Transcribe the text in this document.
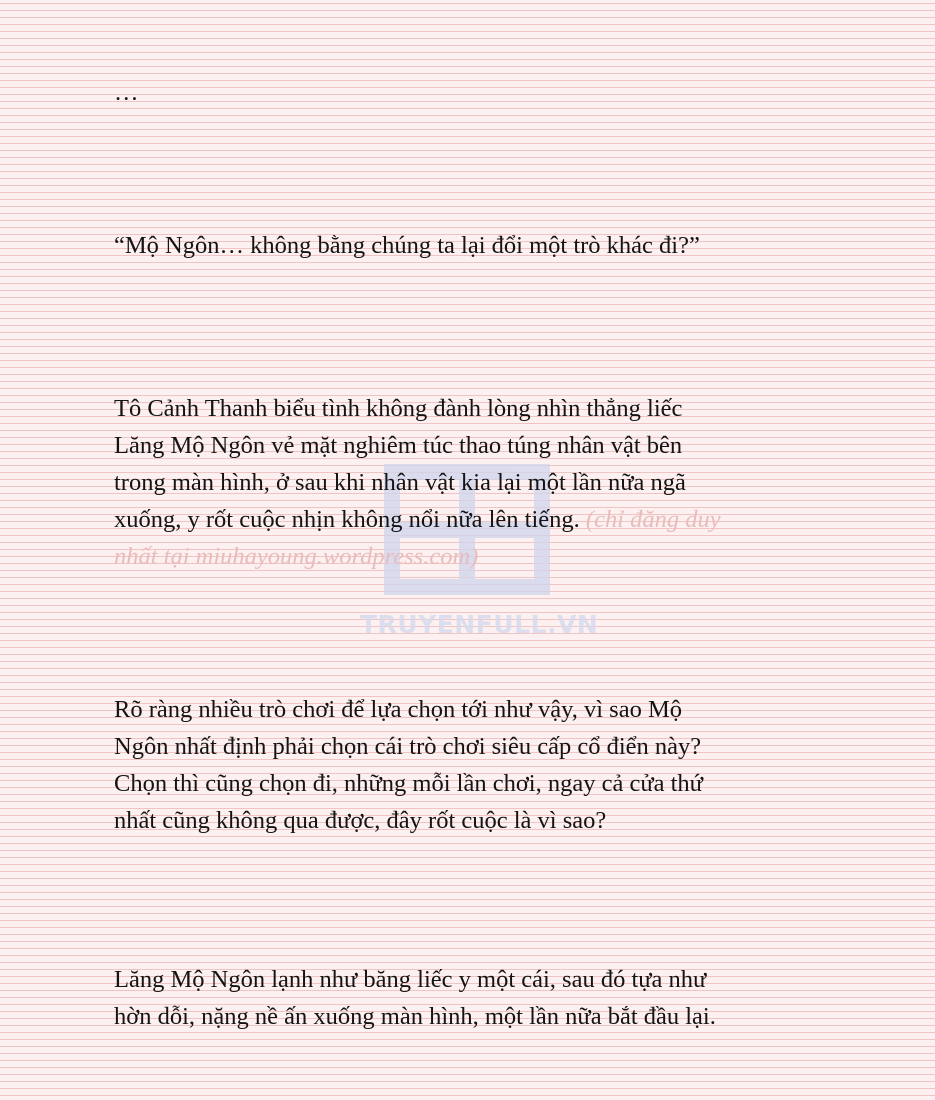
…

“Mộ Ngôn… không bằng chúng ta lại đổi một trò khác đi?”

TRUYENFULL.VN

Tô Cảnh Thanh biểu tình không đành lòng nhìn thẳng liếc
Lăng Mộ Ngôn vẻ mặt nghiêm túc thao túng nhân vật bên
trong màn hình, ở sau khi nhân vật kia lại một lần nữa ngã
xuống, y rốt cuộc nhịn không nổi nữa lên tiếng. (chỉ đăng duy
nhất tại miuhayoung.wordpress.com)

Rõ ràng nhiều trò chơi để lựa chọn tới như vậy, vì sao Mộ
Ngôn nhất định phải chọn cái trò chơi siêu cấp cổ điển này?
Chọn thì cũng chọn đi, những mỗi lần chơi, ngay cả cửa thứ
nhất cũng không qua được, đây rốt cuộc là vì sao?

Lăng Mộ Ngôn lạnh như băng liếc y một cái, sau đó tựa như
hờn dỗi, nặng nề ấn xuống màn hình, một lần nữa bắt đầu lại.
